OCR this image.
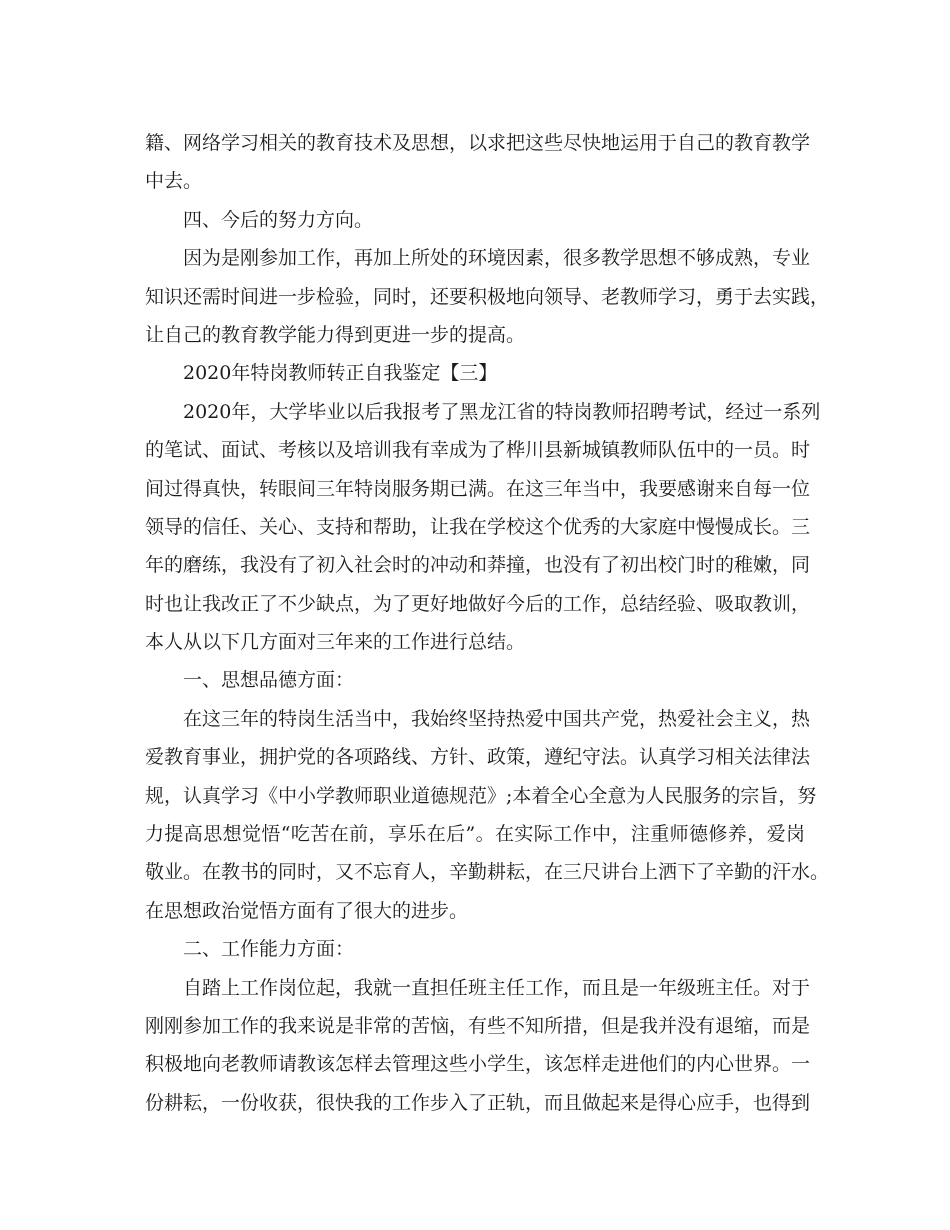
籍、网络学习相关的教育技术及思想，以求把这些尽快地运用于自己的教育教学
中去。
四、今后的努力方向。
因为是刚参加工作，再加上所处的环境因素，很多教学思想不够成熟，专业
知识还需时间进一步检验，同时，还要积极地向领导、老教师学习，勇于去实践，
让自己的教育教学能力得到更进一步的提高。
2020年特岗教师转正自我鉴定【三】
2020年，大学毕业以后我报考了黑龙江省的特岗教师招聘考试，经过一系列
的笔试、面试、考核以及培训我有幸成为了桦川县新城镇教师队伍中的一员。时
间过得真快，转眼间三年特岗服务期已满。在这三年当中，我要感谢来自每一位
领导的信任、关心、支持和帮助，让我在学校这个优秀的大家庭中慢慢成长。三
年的磨练，我没有了初入社会时的冲动和莽撞，也没有了初出校门时的稚嫩，同
时也让我改正了不少缺点，为了更好地做好今后的工作，总结经验、吸取教训，
本人从以下几方面对三年来的工作进行总结。
一、思想品德方面：
在这三年的特岗生活当中，我始终坚持热爱中国共产党，热爱社会主义，热
爱教育事业，拥护党的各项路线、方针、政策，遵纪守法。认真学习相关法律法
规，认真学习《中小学教师职业道德规范》;本着全心全意为人民服务的宗旨，努
力提高思想觉悟“吃苦在前，享乐在后”。在实际工作中，注重师德修养，爱岗
敬业。在教书的同时，又不忘育人，辛勤耕耘，在三尺讲台上洒下了辛勤的汗水。
在思想政治觉悟方面有了很大的进步。
二、工作能力方面：
自踏上工作岗位起，我就一直担任班主任工作，而且是一年级班主任。对于
刚刚参加工作的我来说是非常的苦恼，有些不知所措，但是我并没有退缩，而是
积极地向老教师请教该怎样去管理这些小学生，该怎样走进他们的内心世界。一
份耕耘，一份收获，很快我的工作步入了正轨，而且做起来是得心应手，也得到
